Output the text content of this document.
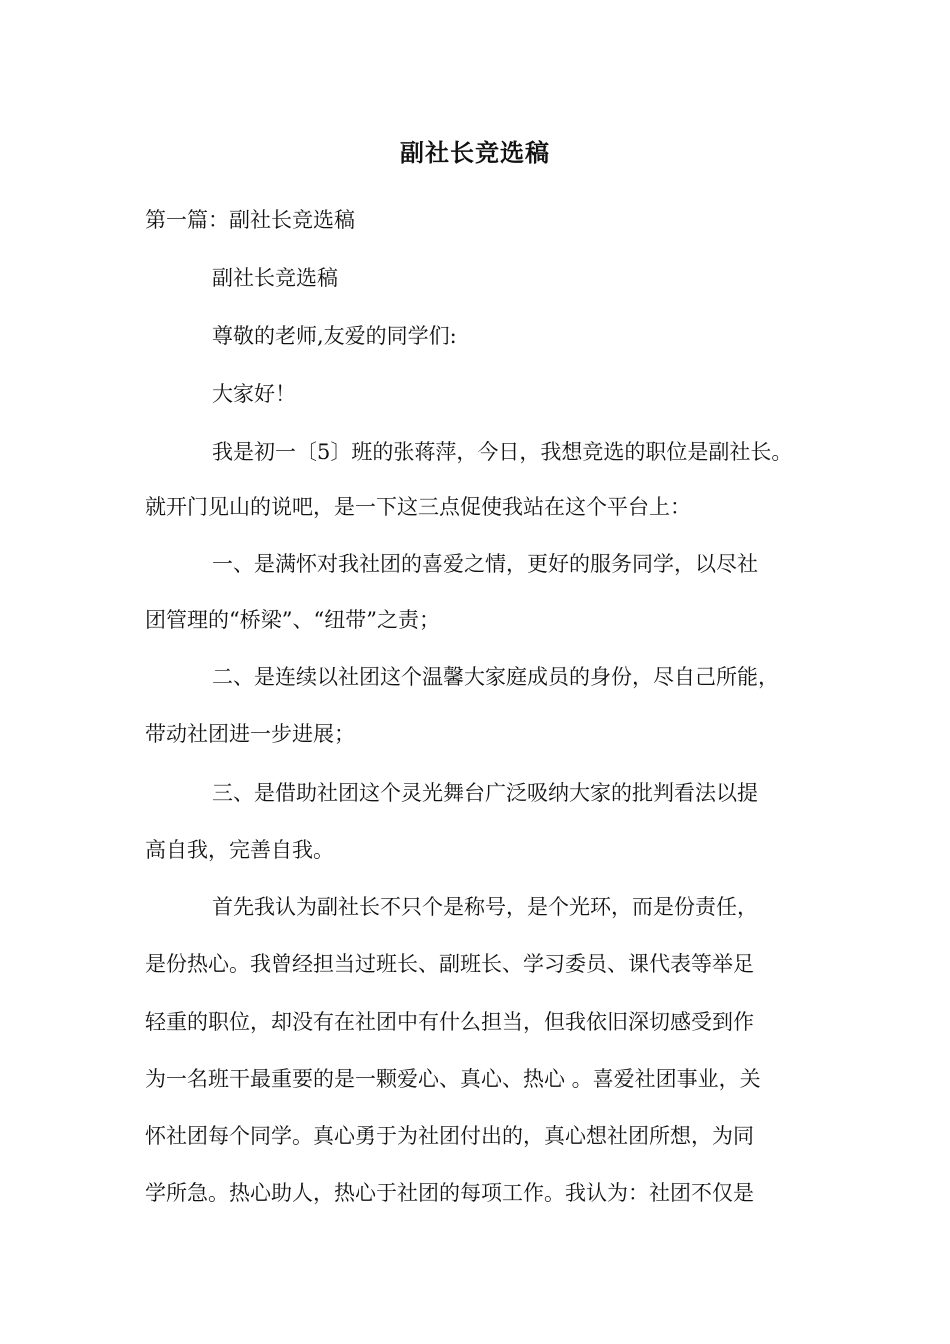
副社长竞选稿
第一篇：副社长竞选稿
副社长竞选稿
尊敬的老师,友爱的同学们:
大家好！
我是初一〔5〕班的张蒋萍，今日，我想竞选的职位是副社长。
就开门见山的说吧，是一下这三点促使我站在这个平台上：
一、是满怀对我社团的喜爱之情，更好的服务同学，以尽社
团管理的“桥梁”、“纽带”之责；
二、是连续以社团这个温馨大家庭成员的身份，尽自己所能，
带动社团进一步进展；
三、是借助社团这个灵光舞台广泛吸纳大家的批判看法以提
高自我，完善自我。
首先我认为副社长不只个是称号，是个光环，而是份责任，
是份热心。我曾经担当过班长、副班长、学习委员、课代表等举足
轻重的职位，却没有在社团中有什么担当，但我依旧深切感受到作
为一名班干最重要的是一颗爱心、真心、热心 。喜爱社团事业，关
怀社团每个同学。真心勇于为社团付出的，真心想社团所想，为同
学所急。热心助人，热心于社团的每项工作。我认为：社团不仅是
